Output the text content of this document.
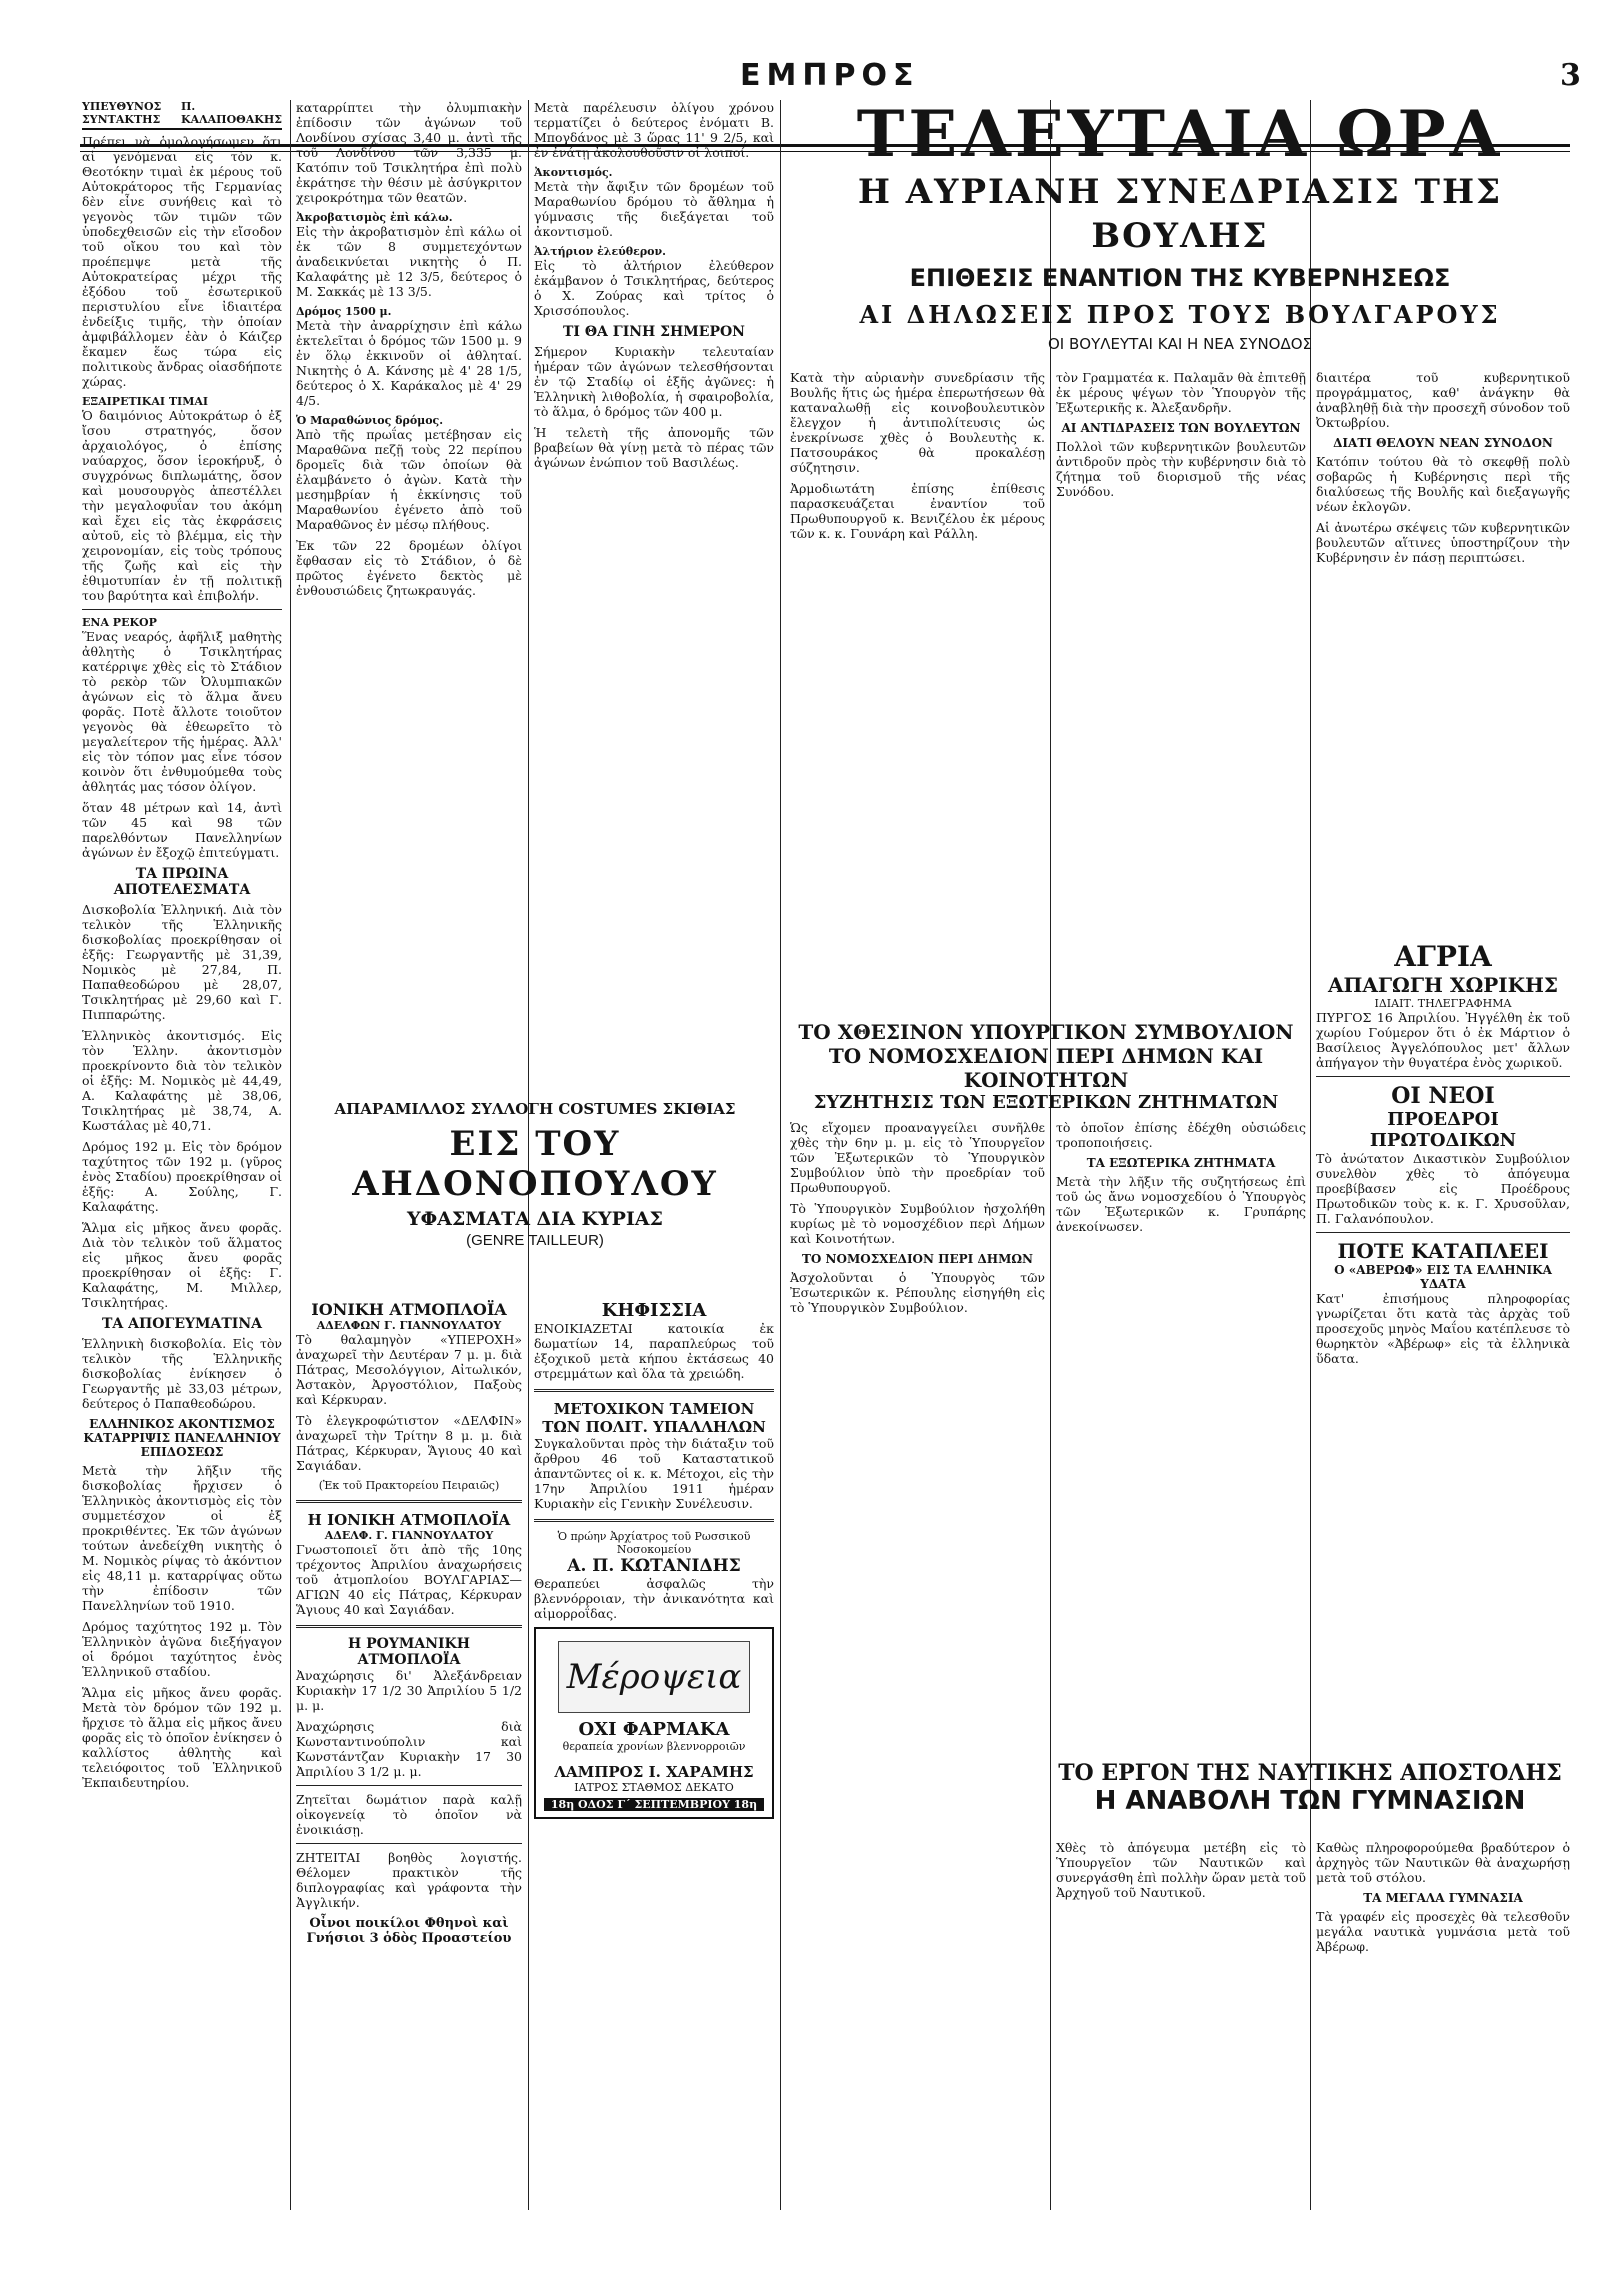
ΕΜΠΡΟΣ	3
ΥΠΕΥΘΥΝΟΣ ΣΥΝΤΑΚΤΗΣ
Π. ΚΑΛΑΠΟΘΑΚΗΣ

Πρέπει νὰ ὁμολογήσωμεν ὅτι αἱ γενόμεναι εἰς τὸν κ. Θεοτόκην τιμαὶ ἐκ μέρους τοῦ Αὐτοκράτορος τῆς Γερμανίας δὲν εἶνε συνήθεις καὶ τὸ γεγονὸς τῶν τιμῶν τῶν ὑποδεχθεισῶν εἰς τὴν εἴσοδον τοῦ οἴκου του καὶ τὸν προέπεμψε μετὰ τῆς Αὐτοκρατείρας μέχρι τῆς ἐξόδου τοῦ ἐσωτερικοῦ περιστυλίου εἶνε ἰδιαιτέρα ἐνδείξις τιμῆς, τὴν ὁποίαν ἀμφιβάλλομεν ἐὰν ὁ Κάιζερ ἔκαμεν ἕως τώρα εἰς πολιτικοὺς ἄνδρας οἱασδήποτε χώρας.

ΕΞΑΙΡΕΤΙΚΑΙ ΤΙΜΑΙ

Ὁ δαιμόνιος Αὐτοκράτωρ ὁ ἐξ ἴσου στρατηγός, ὅσον ἀρχαιολόγος, ὁ ἐπίσης ναύαρχος, ὅσον ἱεροκήρυξ, ὁ συγχρόνως διπλωμάτης, ὅσον καὶ μουσουργὸς ἀπεστέλλει τὴν μεγαλοφυΐαν του ἀκόμη καὶ ἔχει εἰς τὰς ἐκφράσεις αὐτοῦ, εἰς τὸ βλέμμα, εἰς τὴν χειρονομίαν, εἰς τοὺς τρόπους τῆς ζωῆς καὶ εἰς τὴν ἐθιμοτυπίαν ἐν τῇ πολιτικῇ του βαρύτητα καὶ ἐπιβολήν.

ΕΝΑ ΡΕΚΟΡ

Ἕνας νεαρός, ἀφῆλιξ μαθητὴς ἀθλητὴς ὁ Τσικλητήρας κατέρριψε χθὲς εἰς τὸ Στάδιον τὸ ρεκὸρ τῶν Ὀλυμπιακῶν ἀγώνων εἰς τὸ ἅλμα ἄνευ φορᾶς. Ποτὲ ἄλλοτε τοιοῦτον γεγονὸς θὰ ἐθεωρεῖτο τὸ μεγαλείτερον τῆς ἡμέρας. Ἀλλ' εἰς τὸν τόπον μας εἶνε τόσον κοινὸν ὅτι ἐνθυμούμεθα τοὺς ἀθλητάς μας τόσον ὀλίγον.

ὅταν 48 μέτρων καὶ 14, ἀντὶ τῶν 45 καὶ 98 τῶν παρελθόντων Πανελληνίων ἀγώνων ἐν ἔξοχῷ ἐπιτεύγματι.

ΤΑ ΠΡΩΙΝΑ ΑΠΟΤΕΛΕΣΜΑΤΑ

Δισκοβολία Ἑλληνική. Διὰ τὸν τελικὸν τῆς Ἑλληνικῆς δισκοβολίας προεκρίθησαν οἱ ἑξῆς: Γεωργαντῆς μὲ 31,39, Νομικὸς μὲ 27,84, Π. Παπαθεοδώρου μὲ 28,07, Τσικλητήρας μὲ 29,60 καὶ Γ. Πιππαρώτης.

Ἑλληνικὸς ἀκοντισμός. Εἰς τὸν Ἑλλην. ἀκοντισμὸν προεκρίνοντο διὰ τὸν τελικὸν οἱ ἑξῆς: Μ. Νομικὸς μὲ 44,49, Α. Καλαφάτης μὲ 38,06, Τσικλητήρας μὲ 38,74, Α. Κωστάλας μὲ 40,71.

Δρόμος 192 μ. Εἰς τὸν δρόμον ταχύτητος τῶν 192 μ. (γῦρος ἐνὸς Σταδίου) προεκρίθησαν οἱ ἑξῆς: Α. Σούλης, Γ. Καλαφάτης.

Ἅλμα εἰς μῆκος ἄνευ φορᾶς. Διὰ τὸν τελικὸν τοῦ ἅλματος εἰς μῆκος ἄνευ φορᾶς προεκρίθησαν οἱ ἑξῆς: Γ. Καλαφάτης, Μ. Μιλλερ, Τσικλητήρας.

ΤΑ ΑΠΟΓΕΥΜΑΤΙΝΑ

Ἑλληνικὴ δισκοβολία. Εἰς τὸν τελικὸν τῆς Ἑλληνικῆς δισκοβολίας ἐνίκησεν ὁ Γεωργαντῆς μὲ 33,03 μέτρων, δεύτερος ὁ Παπαθεοδώρου.

ΕΛΛΗΝΙΚΟΣ ΑΚΟΝΤΙΣΜΟΣ ΚΑΤΑΡΡΙΨΙΣ ΠΑΝΕΛΛΗΝΙΟΥ ΕΠΙΔΟΣΕΩΣ

Μετὰ τὴν λῆξιν τῆς δισκοβολίας ἤρχισεν ὁ Ἑλληνικὸς ἀκοντισμὸς εἰς τὸν συμμετέσχον οἱ ἐξ προκριθέντες. Ἐκ τῶν ἀγώνων τούτων ἀνεδείχθη νικητὴς ὁ Μ. Νομικὸς ρίψας τὸ ἀκόντιον εἰς 48,11 μ. καταρρίψας οὕτω τὴν ἐπίδοσιν τῶν Πανελληνίων τοῦ 1910.

Δρόμος ταχύτητος 192 μ. Τὸν Ἑλληνικὸν ἀγῶνα διεξήγαγον οἱ δρόμοι ταχύτητος ἐνὸς Ἑλληνικοῦ σταδίου.

Ἅλμα εἰς μῆκος ἄνευ φορᾶς. Μετὰ τὸν δρόμον τῶν 192 μ. ἤρχισε τὸ ἅλμα εἰς μῆκος ἄνευ φορᾶς εἰς τὸ ὁποῖον ἐνίκησεν ὁ καλλίστος ἀθλητὴς καὶ τελειόφοιτος τοῦ Ἑλληνικοῦ Ἐκπαιδευτηρίου.

καταρρίπτει τὴν ὀλυμπιακὴν ἐπίδοσιν τῶν ἀγώνων τοῦ Λονδίνου σχίσας 3,40 μ. ἀντὶ τῆς τοῦ Λονδίνου τῶν 3,335 μ. Κατόπιν τοῦ Τσικλητήρα ἐπὶ πολὺ ἐκράτησε τὴν θέσιν μὲ ἀσύγκριτον χειροκρότημα τῶν θεατῶν.

Ἀκροβατισμὸς ἐπὶ κάλω.

Εἰς τὴν ἀκροβατισμὸν ἐπὶ κάλω οἱ ἐκ τῶν 8 συμμετεχόντων ἀναδεικνύεται νικητὴς ὁ Π. Καλαφάτης μὲ 12 3/5, δεύτερος ὁ Μ. Σακκάς μὲ 13 3/5.

Δρόμος 1500 μ.

Μετὰ τὴν ἀναρρίχησιν ἐπὶ κάλω ἐκτελεῖται ὁ δρόμος τῶν 1500 μ. 9 ἐν ὅλῳ ἐκκινοῦν οἱ ἀθληταί. Νικητὴς ὁ Α. Κάνσης μὲ 4' 28 1/5, δεύτερος ὁ Χ. Καράκαλος μὲ 4' 29 4/5.

Ὁ Μαραθώνιος δρόμος.

Ἀπὸ τῆς πρωΐας μετέβησαν εἰς Μαραθῶνα πεζῇ τοὺς 22 περίπου δρομεῖς διὰ τῶν ὁποίων θὰ ἐλαμβάνετο ὁ ἀγὼν. Κατὰ τὴν μεσημβρίαν ἡ ἐκκίνησις τοῦ Μαραθωνίου ἐγένετο ἀπὸ τοῦ Μαραθῶνος ἐν μέσῳ πλήθους.

Ἐκ τῶν 22 δρομέων ὀλίγοι ἔφθασαν εἰς τὸ Στάδιον, ὁ δὲ πρῶτος ἐγένετο δεκτὸς μὲ ἐνθουσιώδεις ζητωκραυγάς.

ΑΠΑΡΑΜΙΛΛΟΣ ΣΥΛΛΟΓΗ COSTUMES ΣΚΙΘΙΑΣ
ΕΙΣ ΤΟΥ ΑΗΔΟΝΟΠΟΥΛΟΥ
ΥΦΑΣΜΑΤΑ ΔΙΑ ΚΥΡΙΑΣ
(GENRE TAILLEUR)
ΙΟΝΙΚΗ ΑΤΜΟΠΛΟΪΑ
ΑΔΕΛΦΩΝ Γ. ΓΙΑΝΝΟΥΛΑΤΟΥ

Τὸ θαλαμηγὸν «ΥΠΕΡΟΧΗ» ἀναχωρεῖ τὴν Δευτέραν 7 μ. μ. διὰ Πάτρας, Μεσολόγγιον, Αἰτωλικόν, Ἀστακὸν, Ἀργοστόλιον, Παξοὺς καὶ Κέρκυραν.

Τὸ ἐλεγκροφώτιστον «ΔΕΛΦΙΝ» ἀναχωρεῖ τὴν Τρίτην 8 μ. μ. διὰ Πάτρας, Κέρκυραν, Ἅγιους 40 καὶ Σαγιάδαν.

(Ἐκ τοῦ Πρακτορείου Πειραιῶς)
Η ΙΟΝΙΚΗ ΑΤΜΟΠΛΟΪΑ
ΑΔΕΛΦ. Γ. ΓΙΑΝΝΟΥΛΑΤΟΥ

Γνωστοποιεῖ ὅτι ἀπὸ τῆς 10ης τρέχοντος Ἀπριλίου ἀναχωρήσεις τοῦ ἀτμοπλοίου ΒΟΥΛΓΑΡΙΑΣ—ΑΓΙΩΝ 40 εἰς Πάτρας, Κέρκυραν Ἅγιους 40 καὶ Σαγιάδαν.

Η ΡΟΥΜΑΝΙΚΗ ΑΤΜΟΠΛΟΪΑ

Ἀναχώρησις δι' Ἀλεξάνδρειαν Κυριακὴν 17 1/2 30 Ἀπριλίου 5 1/2 μ. μ.

Ἀναχώρησις διὰ Κωνσταντινούπολιν καὶ Κωνστάντζαν Κυριακὴν 17 30 Ἀπριλίου 3 1/2 μ. μ.

Ζητεῖται δωμάτιον παρὰ καλῇ οἰκογενείᾳ τὸ ὁποῖον νὰ ἐνοικιάσῃ.

ΖΗΤΕΙΤΑΙ βοηθὸς λογιστής. Θέλομεν πρακτικὸν τῆς διπλογραφίας καὶ γράφοντα τὴν Ἀγγλικήν.

Οἶνοι ποικίλοι Φθηνοὶ καὶ Γνήσιοι 3 ὁδὸς Προαστείου

Μετὰ παρέλευσιν ὀλίγου χρόνου τερματίζει ὁ δεύτερος ἐνόματι Β. Μπογδάνος μὲ 3 ὥρας 11' 9 2/5, καὶ ἐν ἐνάτῃ ἀκολουθοῦσιν οἱ λοιποί.

Ἀκοντισμός.

Μετὰ τὴν ἄφιξιν τῶν δρομέων τοῦ Μαραθωνίου δρόμου τὸ ἄθλημα ἡ γύμνασις τῆς διεξάγεται τοῦ ἀκοντισμοῦ.

Ἀλτήριον ἐλεύθερον.

Εἰς τὸ ἀλτήριον ἐλεύθερον ἐκάμβανον ὁ Τσικλητήρας, δεύτερος ὁ Χ. Ζούρας καὶ τρίτος ὁ Χρισσόπουλος.

ΤΙ ΘΑ ΓΙΝΗ ΣΗΜΕΡΟΝ

Σήμερον Κυριακὴν τελευταίαν ἡμέραν τῶν ἀγώνων τελεσθήσονται ἐν τῷ Σταδίῳ οἱ ἑξῆς ἀγῶνες: ἡ Ἑλληνικὴ λιθοβολία, ἡ σφαιροβολία, τὸ ἅλμα, ὁ δρόμος τῶν 400 μ.

Ἡ τελετὴ τῆς ἀπονομῆς τῶν βραβείων θὰ γίνῃ μετὰ τὸ πέρας τῶν ἀγώνων ἐνώπιον τοῦ Βασιλέως.

ΚΗΦΙΣΣΙΑ

ΕΝΟΙΚΙΑΖΕΤΑΙ κατοικία ἐκ δωματίων 14, παραπλεύρως τοῦ ἐξοχικοῦ μετὰ κήπου ἐκτάσεως 40 στρεμμάτων καὶ ὅλα τὰ χρειώδη.

ΜΕΤΟΧΙΚΟΝ ΤΑΜΕΙΟΝ ΤΩΝ ΠΟΛΙΤ. ΥΠΑΛΛΗΛΩΝ

Συγκαλοῦνται πρὸς τὴν διάταξιν τοῦ ἄρθρου 46 τοῦ Καταστατικοῦ ἁπαντῶντες οἱ κ. κ. Μέτοχοι, εἰς τὴν 17ην Ἀπριλίου 1911 ἡμέραν Κυριακὴν εἰς Γενικὴν Συνέλευσιν.

Ὁ πρώην Ἀρχίατρος τοῦ Ρωσσικοῦ Νοσοκομείου
Α. Π. ΚΩΤΑΝΙΔΗΣ

Θεραπεύει ἀσφαλῶς τὴν βλεννόρροιαν, τὴν ἀνικανότητα καὶ αἱμορροΐδας.

Μέροψεια
ΟΧΙ ΦΑΡΜΑΚΑ
θεραπεία χρονίων βλεννορροιῶν
ΛΑΜΠΡΟΣ Ι. ΧΑΡΑΜΗΣ
ΙΑΤΡΟΣ ΣΤΑΘΜΟΣ ΔΕΚΑΤΟ
18η ΟΔΟΣ Γ΄ ΣΕΠΤΕΜΒΡΙΟΥ 18η
ΤΕΛΕΥΤΑΙΑ ΩΡΑ
Η ΑΥΡΙΑΝΗ ΣΥΝΕΔΡΙΑΣΙΣ ΤΗΣ ΒΟΥΛΗΣ
ΕΠΙΘΕΣΙΣ ΕΝΑΝΤΙΟΝ ΤΗΣ ΚΥΒΕΡΝΗΣΕΩΣ
ΑΙ ΔΗΛΩΣΕΙΣ ΠΡΟΣ ΤΟΥΣ ΒΟΥΛΓΑΡΟΥΣ
ΟΙ ΒΟΥΛΕΥΤΑΙ ΚΑΙ Η ΝΕΑ ΣΥΝΟΔΟΣ

Κατὰ τὴν αὐριανὴν συνεδρίασιν τῆς Βουλῆς ἥτις ὡς ἡμέρα ἐπερωτήσεων θὰ καταναλωθῇ εἰς κοινοβουλευτικὸν ἔλεγχον ἡ ἀντιπολίτευσις ὡς ἐνεκρίνωσε χθὲς ὁ Βουλευτὴς κ. Πατσουράκος θὰ προκαλέσῃ σύζητησιν.

Ἀρμοδιωτάτη ἐπίσης ἐπίθεσις παρασκευάζεται ἐναντίον τοῦ Πρωθυπουργοῦ κ. Βενιζέλου ἐκ μέρους τῶν κ. κ. Γουνάρη καὶ Ράλλη.

τὸν Γραμματέα κ. Παλαμᾶν θὰ ἐπιτεθῇ ἐκ μέρους ψέγων τὸν Ὑπουργὸν τῆς Ἐξωτερικῆς κ. Ἀλεξανδρῆν.

ΑΙ ΑΝΤΙΔΡΑΣΕΙΣ ΤΩΝ ΒΟΥΛΕΥΤΩΝ

Πολλοὶ τῶν κυβερνητικῶν βουλευτῶν ἀντιδροῦν πρὸς τὴν κυβέρνησιν διὰ τὸ ζήτημα τοῦ διορισμοῦ τῆς νέας Συνόδου.

διαιτέρα τοῦ κυβερνητικοῦ προγράμματος, καθ' ἀνάγκην θὰ ἀναβληθῇ διὰ τὴν προσεχῆ σύνοδον τοῦ Ὀκτωβρίου.

ΔΙΑΤΙ ΘΕΛΟΥΝ ΝΕΑΝ ΣΥΝΟΔΟΝ

Κατόπιν τούτου θὰ τὸ σκεφθῇ πολὺ σοβαρῶς ἡ Κυβέρνησις περὶ τῆς διαλύσεως τῆς Βουλῆς καὶ διεξαγωγῆς νέων ἐκλογῶν.

Αἱ ἀνωτέρω σκέψεις τῶν κυβερνητικῶν βουλευτῶν αἵτινες ὑποστηρίζουν τὴν Κυβέρνησιν ἐν πάσῃ περιπτώσει.

ΤΟ ΧΘΕΣΙΝΟΝ ΥΠΟΥΡΓΙΚΟΝ ΣΥΜΒΟΥΛΙΟΝ
ΤΟ ΝΟΜΟΣΧΕΔΙΟΝ ΠΕΡΙ ΔΗΜΩΝ ΚΑΙ ΚΟΙΝΟΤΗΤΩΝ
ΣΥΖΗΤΗΣΙΣ ΤΩΝ ΕΞΩΤΕΡΙΚΩΝ ΖΗΤΗΜΑΤΩΝ

Ὡς εἴχομεν προαναγγείλει συνῆλθε χθὲς τὴν 6ην μ. μ. εἰς τὸ Ὑπουργεῖον τῶν Ἐξωτερικῶν τὸ Ὑπουργικὸν Συμβούλιον ὑπὸ τὴν προεδρίαν τοῦ Πρωθυπουργοῦ.

Τὸ Ὑπουργικὸν Συμβούλιον ἠσχολήθη κυρίως μὲ τὸ νομοσχέδιον περὶ Δήμων καὶ Κοινοτήτων.

ΤΟ ΝΟΜΟΣΧΕΔΙΟΝ ΠΕΡΙ ΔΗΜΩΝ

Ἀσχολοῦνται ὁ Ὑπουργὸς τῶν Ἐσωτερικῶν κ. Ρέπουλης εἰσηγήθη εἰς τὸ Ὑπουργικὸν Συμβούλιον.

τὸ ὁποῖον ἐπίσης ἐδέχθη οὐσιώδεις τροποποιήσεις.

ΤΑ ΕΞΩΤΕΡΙΚΑ ΖΗΤΗΜΑΤΑ

Μετὰ τὴν λῆξιν τῆς συζητήσεως ἐπὶ τοῦ ὡς ἄνω νομοσχεδίου ὁ Ὑπουργὸς τῶν Ἐξωτερικῶν κ. Γρυπάρης ἀνεκοίνωσεν.

ΑΓΡΙΑ
ΑΠΑΓΩΓΗ ΧΩΡΙΚΗΣ
ΙΔΙΑΙΤ. ΤΗΛΕΓΡΑΦΗΜΑ

ΠΥΡΓΟΣ 16 Ἀπριλίου. Ἠγγέλθη ἐκ τοῦ χωρίου Γούμερον ὅτι ὁ ἐκ Μάρτιον ὁ Βασίλειος Ἀγγελόπουλος μετ' ἄλλων ἀπήγαγον τὴν θυγατέρα ἐνὸς χωρικοῦ.

ΟΙ ΝΕΟΙ
ΠΡΟΕΔΡΟΙ ΠΡΩΤΟΔΙΚΩΝ

Τὸ ἀνώτατον Δικαστικὸν Συμβούλιον συνελθὸν χθὲς τὸ ἀπόγευμα προεβίβασεν εἰς Προέδρους Πρωτοδικῶν τοὺς κ. κ. Γ. Χρυσοῦλαν, Π. Γαλανόπουλον.

ΠΟΤΕ ΚΑΤΑΠΛΕΕΙ
Ο «ΑΒΕΡΩΦ» ΕΙΣ ΤΑ ΕΛΛΗΝΙΚΑ ΥΔΑΤΑ

Κατ' ἐπισήμους πληροφορίας γνωρίζεται ὅτι κατὰ τὰς ἀρχὰς τοῦ προσεχοῦς μηνὸς Μαΐου κατέπλευσε τὸ θωρηκτὸν «Ἀβέρωφ» εἰς τὰ ἑλληνικὰ ὕδατα.

ΤΟ ΕΡΓΟΝ ΤΗΣ ΝΑΥΤΙΚΗΣ ΑΠΟΣΤΟΛΗΣ
Η ΑΝΑΒΟΛΗ ΤΩΝ ΓΥΜΝΑΣΙΩΝ

Χθὲς τὸ ἀπόγευμα μετέβη εἰς τὸ Ὑπουργεῖον τῶν Ναυτικῶν καὶ συνεργάσθη ἐπὶ πολλὴν ὥραν μετὰ τοῦ Ἀρχηγοῦ τοῦ Ναυτικοῦ.

Καθὼς πληροφορούμεθα βραδύτερον ὁ ἀρχηγὸς τῶν Ναυτικῶν θὰ ἀναχωρήσῃ μετὰ τοῦ στόλου.

ΤΑ ΜΕΓΑΛΑ ΓΥΜΝΑΣΙΑ

Τὰ γραφέν εἰς προσεχὲς θὰ τελεσθοῦν μεγάλα ναυτικὰ γυμνάσια μετὰ τοῦ Ἀβέρωφ.
